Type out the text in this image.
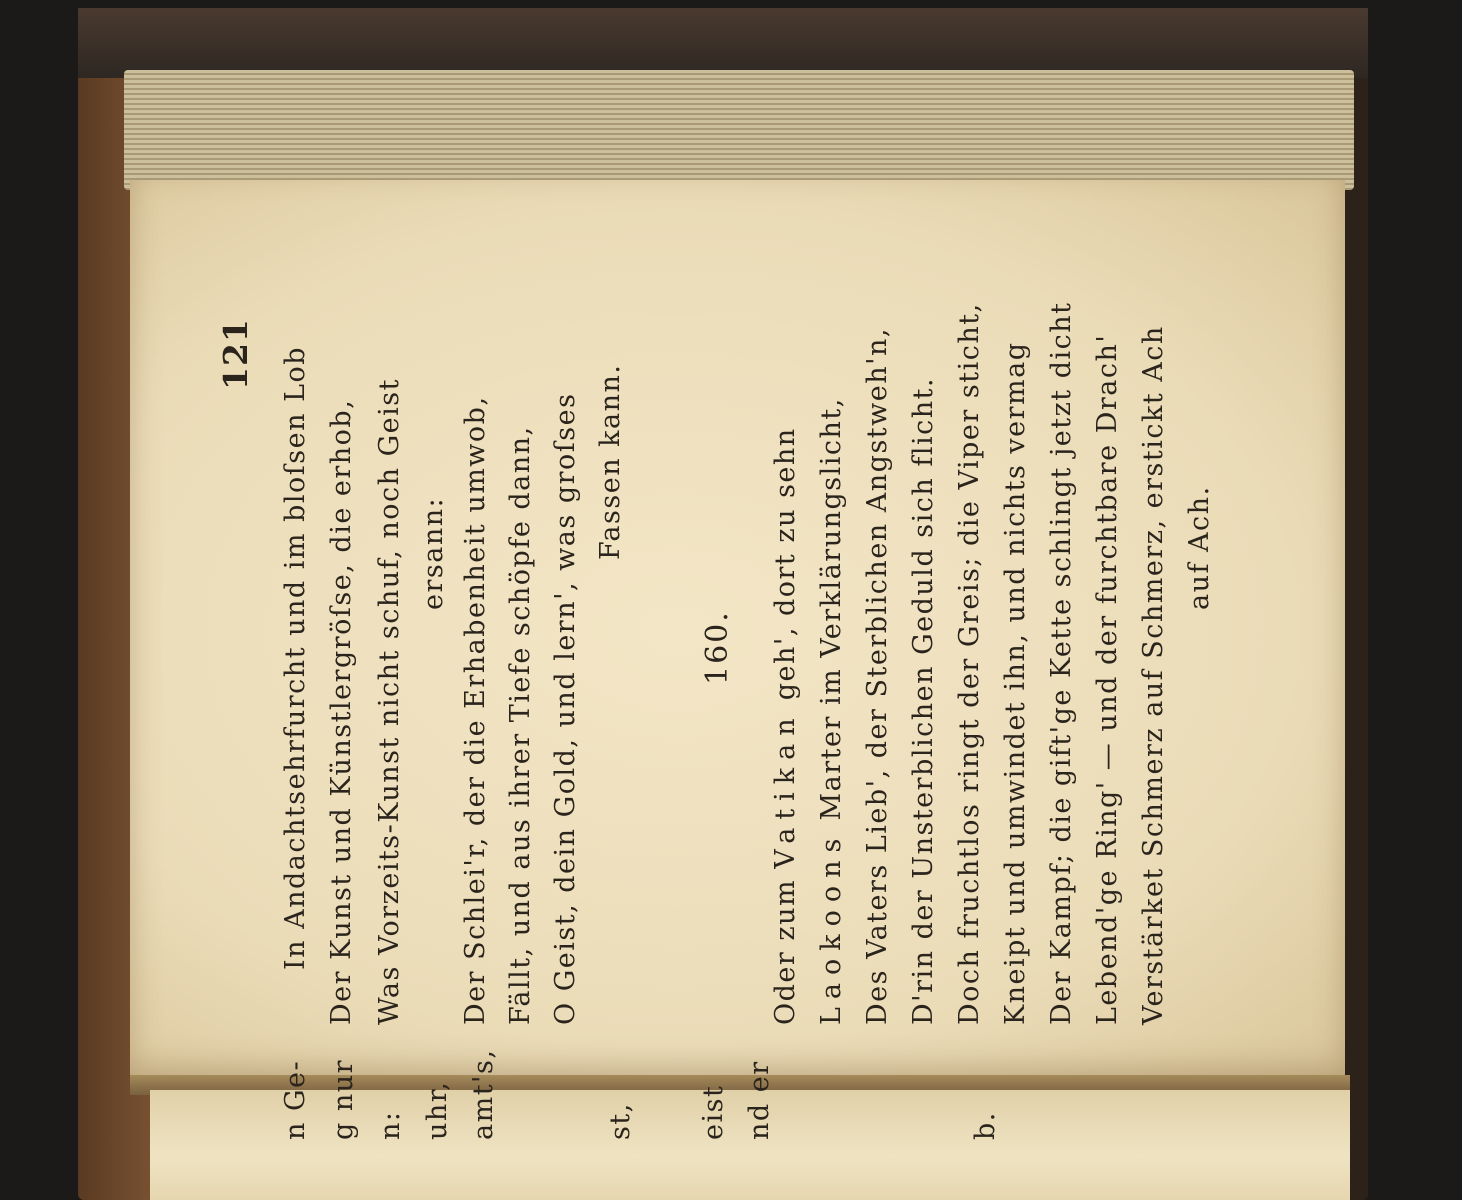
121 In Andachtsehrfurcht und im bloſsen Lob Der Kunst und Künstlergröſse, die erhob, Was Vorzeits-Kunst nicht schuf, noch Geist ersann: Der Schlei'r, der die Erhabenheit umwob, Fällt, und aus ihrer Tiefe schöpfe dann, O Geist, dein Gold, und lern', was groſses Fassen kann.
160.
Oder zum Vatikan geh', dort zu sehn
Laokoons Marter im Verklärungslicht, Des Vaters Lieb', der Sterblichen Angstweh'n, D'rin der Unsterblichen Geduld sich flicht. Doch fruchtlos ringt der Greis; die Viper sticht, Kneipt und umwindet ihn, und nichts vermag Der Kampf; die gift'ge Kette schlingt jetzt dicht Lebend'ge Ring' — und der furchtbare Drach' Verstärket Schmerz auf Schmerz, erstickt Ach auf Ach.
n Ge- g nur n: uhr, amt's,	st, eist nd er	b.
